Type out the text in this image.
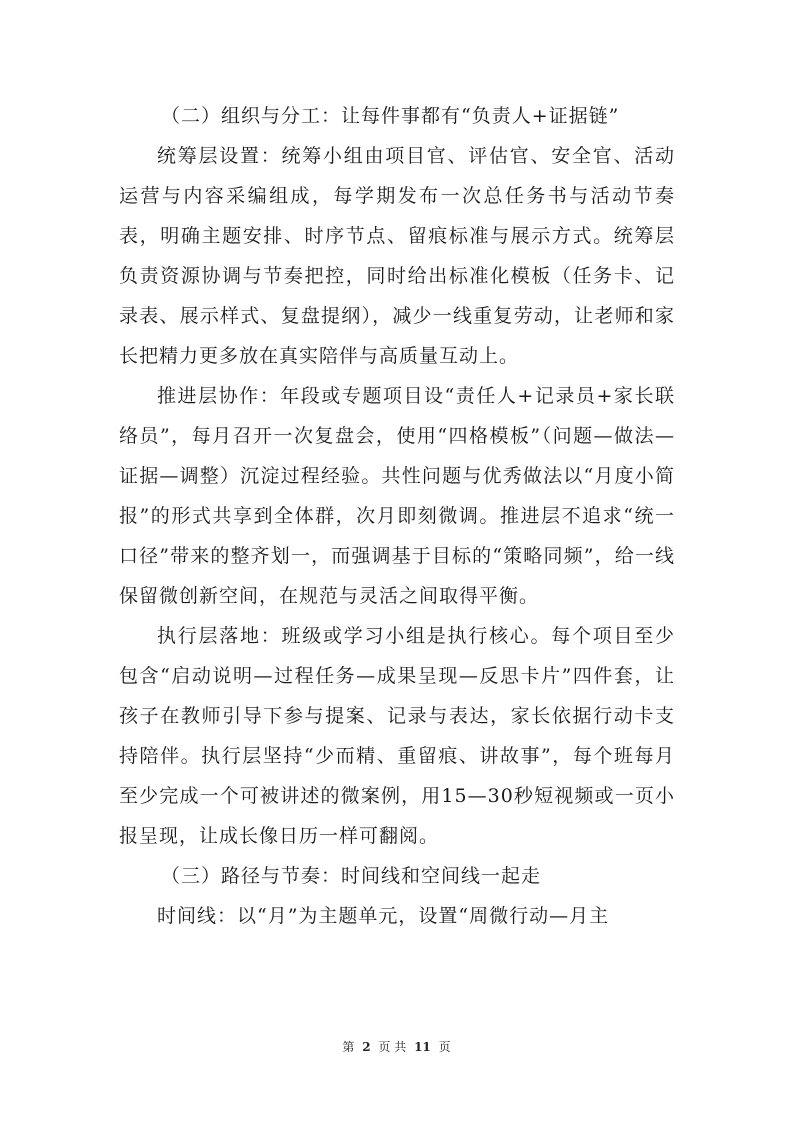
（二）组织与分工：让每件事都有“负责人+证据链”

统筹层设置：统筹小组由项目官、评估官、安全官、活动运营与内容采编组成，每学期发布一次总任务书与活动节奏表，明确主题安排、时序节点、留痕标准与展示方式。统筹层负责资源协调与节奏把控，同时给出标准化模板（任务卡、记录表、展示样式、复盘提纲），减少一线重复劳动，让老师和家长把精力更多放在真实陪伴与高质量互动上。

推进层协作：年段或专题项目设“责任人+记录员+家长联络员”，每月召开一次复盘会，使用“四格模板”（问题—做法—证据—调整）沉淀过程经验。共性问题与优秀做法以“月度小简报”的形式共享到全体群，次月即刻微调。推进层不追求“统一口径”带来的整齐划一，而强调基于目标的“策略同频”，给一线保留微创新空间，在规范与灵活之间取得平衡。

执行层落地：班级或学习小组是执行核心。每个项目至少包含“启动说明—过程任务—成果呈现—反思卡片”四件套，让孩子在教师引导下参与提案、记录与表达，家长依据行动卡支持陪伴。执行层坚持“少而精、重留痕、讲故事”，每个班每月至少完成一个可被讲述的微案例，用15—30秒短视频或一页小报呈现，让成长像日历一样可翻阅。

（三）路径与节奏：时间线和空间线一起走

时间线：以“月”为主题单元，设置“周微行动—月主

第 2 页 共 11 页
